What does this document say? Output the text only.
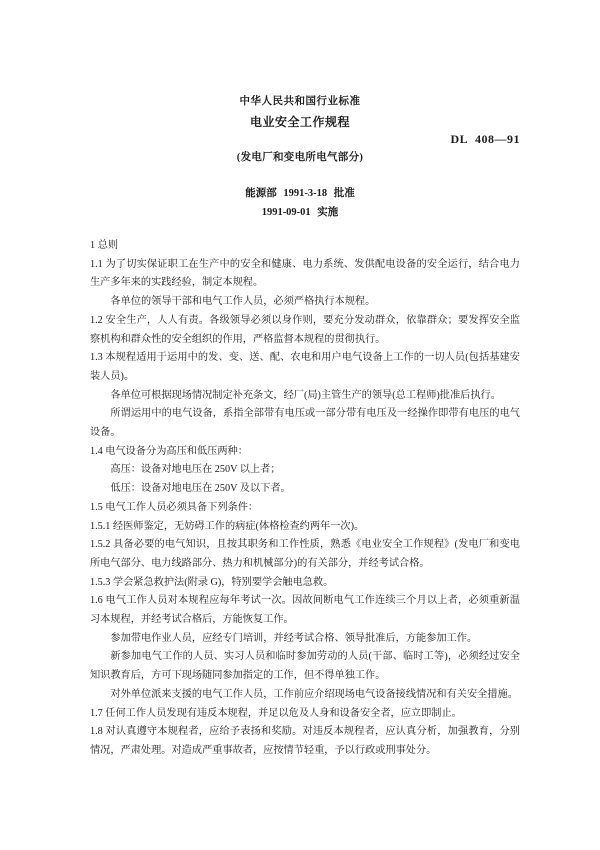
中华人民共和国行业标准
电业安全工作规程
DL 408—91
(发电厂和变电所电气部分)
能源部 1991-3-18 批准
1991-09-01 实施

1 总则

1.1 为了切实保证职工在生产中的安全和健康、电力系统、发供配电设备的安全运行，结合电力生产多年来的实践经验，制定本规程。

各单位的领导干部和电气工作人员，必须严格执行本规程。

1.2 安全生产，人人有责。各级领导必须以身作则，要充分发动群众，依靠群众；要发挥安全监察机构和群众性的安全组织的作用，严格监督本规程的贯彻执行。

1.3 本规程适用于运用中的发、变、送、配、农电和用户电气设备上工作的一切人员(包括基建安装人员)。

各单位可根据现场情况制定补充条文，经厂(局)主管生产的领导(总工程师)批准后执行。

所谓运用中的电气设备，系指全部带有电压或一部分带有电压及一经操作即带有电压的电气设备。

1.4 电气设备分为高压和低压两种：

高压：设备对地电压在 250V 以上者；

低压：设备对地电压在 250V 及以下者。

1.5 电气工作人员必须具备下列条件：

1.5.1 经医师鉴定，无妨碍工作的病症(体格检查约两年一次)。

1.5.2 具备必要的电气知识，且按其职务和工作性质，熟悉《电业安全工作规程》(发电厂和变电所电气部分、电力线路部分、热力和机械部分)的有关部分，并经考试合格。

1.5.3 学会紧急救护法(附录 G)，特别要学会触电急救。

1.6 电气工作人员对本规程应每年考试一次。因故间断电气工作连续三个月以上者，必须重新温习本规程，并经考试合格后，方能恢复工作。

参加带电作业人员，应经专门培训，并经考试合格、领导批准后，方能参加工作。

新参加电气工作的人员、实习人员和临时参加劳动的人员(干部、临时工等)，必须经过安全知识教育后，方可下现场随同参加指定的工作，但不得单独工作。

对外单位派来支援的电气工作人员，工作前应介绍现场电气设备接线情况和有关安全措施。

1.7 任何工作人员发现有违反本规程，并足以危及人身和设备安全者，应立即制止。

1.8 对认真遵守本规程者，应给予表扬和奖励。对违反本规程者，应认真分析，加强教育，分别情况，严肃处理。对造成严重事故者，应按情节轻重，予以行政或刑事处分。
